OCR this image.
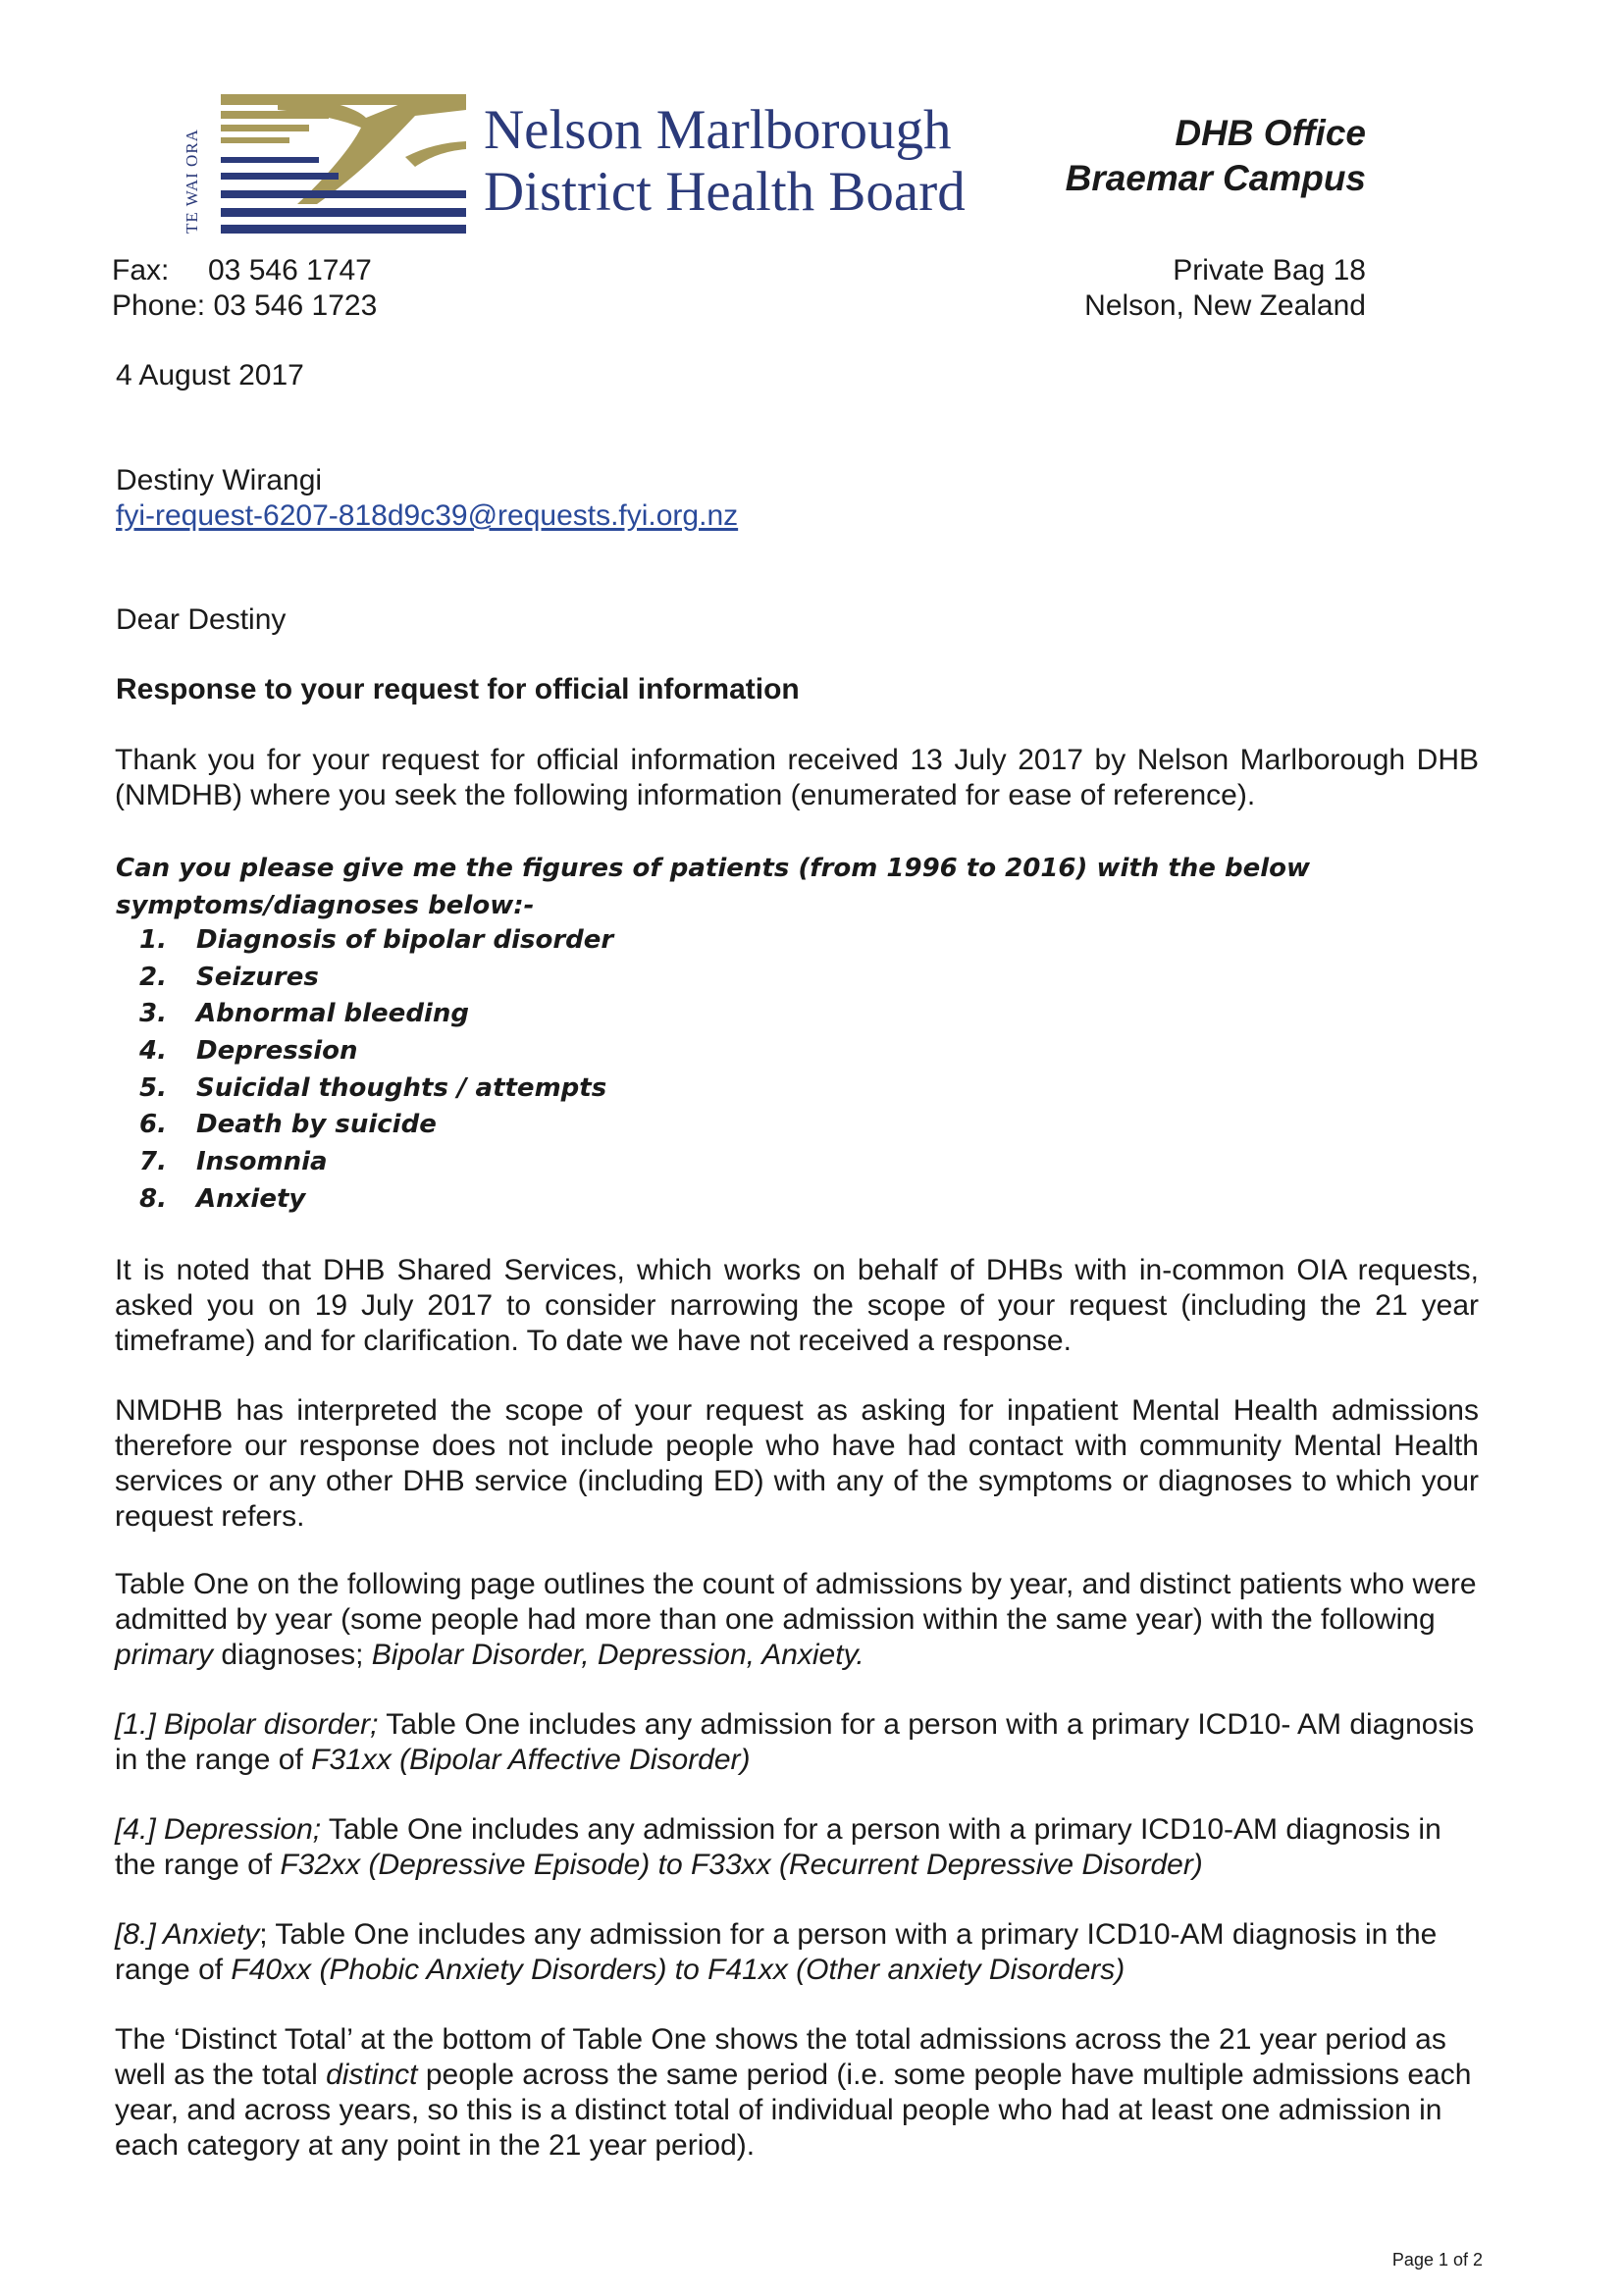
TE WAI ORA	Nelson Marlborough
District Health Board
DHB Office
Braemar Campus
Fax: 03 546 1747
Phone: 03 546 1723
Private Bag 18
Nelson, New Zealand
4 August 2017
Destiny Wirangi
fyi-request-6207-818d9c39@requests.fyi.org.nz
Dear Destiny
Response to your request for official information
Thank you for your request for official information received 13 July 2017 by Nelson Marlborough DHB (NMDHB) where you seek the following information (enumerated for ease of reference).
Can you please give me the figures of patients (from 1996 to 2016) with the below symptoms/diagnoses below:-
1. Diagnosis of bipolar disorder
2. Seizures
3. Abnormal bleeding
4. Depression
5. Suicidal thoughts / attempts
6. Death by suicide
7. Insomnia
8. Anxiety
It is noted that DHB Shared Services, which works on behalf of DHBs with in-common OIA requests, asked you on 19 July 2017 to consider narrowing the scope of your request (including the 21 year timeframe) and for clarification. To date we have not received a response.
NMDHB has interpreted the scope of your request as asking for inpatient Mental Health admissions therefore our response does not include people who have had contact with community Mental Health services or any other DHB service (including ED) with any of the symptoms or diagnoses to which your request refers.
Table One on the following page outlines the count of admissions by year, and distinct patients who were admitted by year (some people had more than one admission within the same year) with the following primary diagnoses; Bipolar Disorder, Depression, Anxiety.
[1.] Bipolar disorder; Table One includes any admission for a person with a primary ICD10- AM diagnosis in the range of F31xx (Bipolar Affective Disorder)
[4.] Depression; Table One includes any admission for a person with a primary ICD10-AM diagnosis in the range of F32xx (Depressive Episode) to F33xx (Recurrent Depressive Disorder)
[8.] Anxiety; Table One includes any admission for a person with a primary ICD10-AM diagnosis in the range of F40xx (Phobic Anxiety Disorders) to F41xx (Other anxiety Disorders)
The ‘Distinct Total’ at the bottom of Table One shows the total admissions across the 21 year period as well as the total distinct people across the same period (i.e. some people have multiple admissions each year, and across years, so this is a distinct total of individual people who had at least one admission in each category at any point in the 21 year period).
Page 1 of 2
